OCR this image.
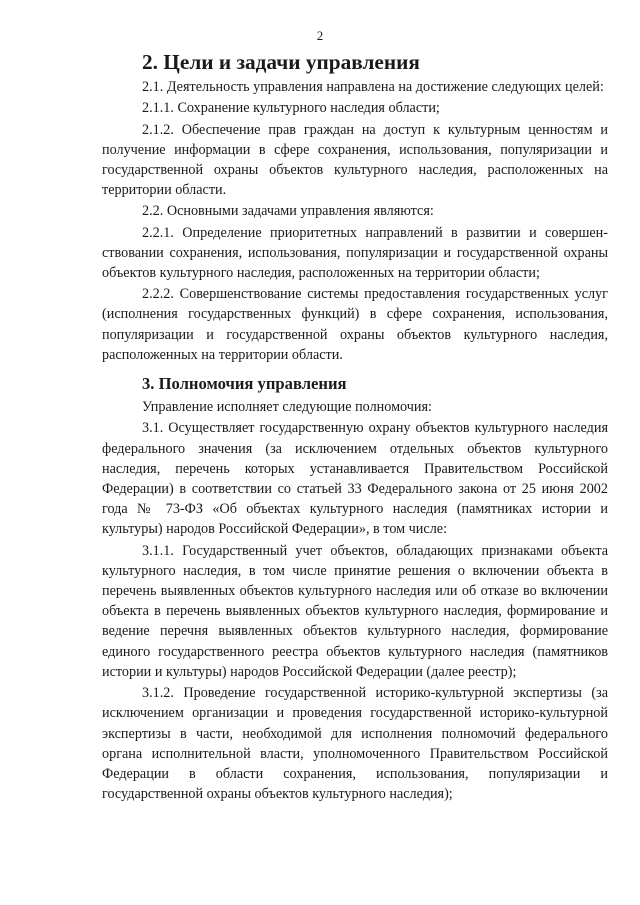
2
2. Цели и задачи управления

2.1. Деятельность управления направлена на достижение следующих целей:

2.1.1. Сохранение культурного наследия области;

2.1.2. Обеспечение прав граждан на доступ к культурным ценностям и получение информации в сфере сохранения, использования, популяризации и государственной охраны объектов культурного наследия, расположенных на территории области.

2.2. Основными задачами управления являются:

2.2.1. Определение приоритетных направлений в развитии и совершен-ствовании сохранения, использования, популяризации и государственной охраны объектов культурного наследия, расположенных на территории области;

2.2.2. Совершенствование системы предоставления государственных услуг (исполнения государственных функций) в сфере сохранения, использования, популяризации и государственной охраны объектов культурного наследия, расположенных на территории области.

3. Полномочия управления

Управление исполняет следующие полномочия:

3.1. Осуществляет государственную охрану объектов культурного наследия федерального значения (за исключением отдельных объектов культурного наследия, перечень которых устанавливается Правительством Российской Федерации) в соответствии со статьей 33 Федерального закона от 25 июня 2002 года № 73-ФЗ «Об объектах культурного наследия (памятниках истории и культуры) народов Российской Федерации», в том числе:

3.1.1. Государственный учет объектов, обладающих признаками объекта культурного наследия, в том числе принятие решения о включении объекта в перечень выявленных объектов культурного наследия или об отказе во включении объекта в перечень выявленных объектов культурного наследия, формирование и ведение перечня выявленных объектов культурного наследия, формирование единого государственного реестра объектов культурного наследия (памятников истории и культуры) народов Российской Федерации (далее реестр);

3.1.2. Проведение государственной историко-культурной экспертизы (за исключением организации и проведения государственной историко-культурной экспертизы в части, необходимой для исполнения полномочий федерального органа исполнительной власти, уполномоченного Правительством Российской Федерации в области сохранения, использования, популяризации и государственной охраны объектов культурного наследия);
